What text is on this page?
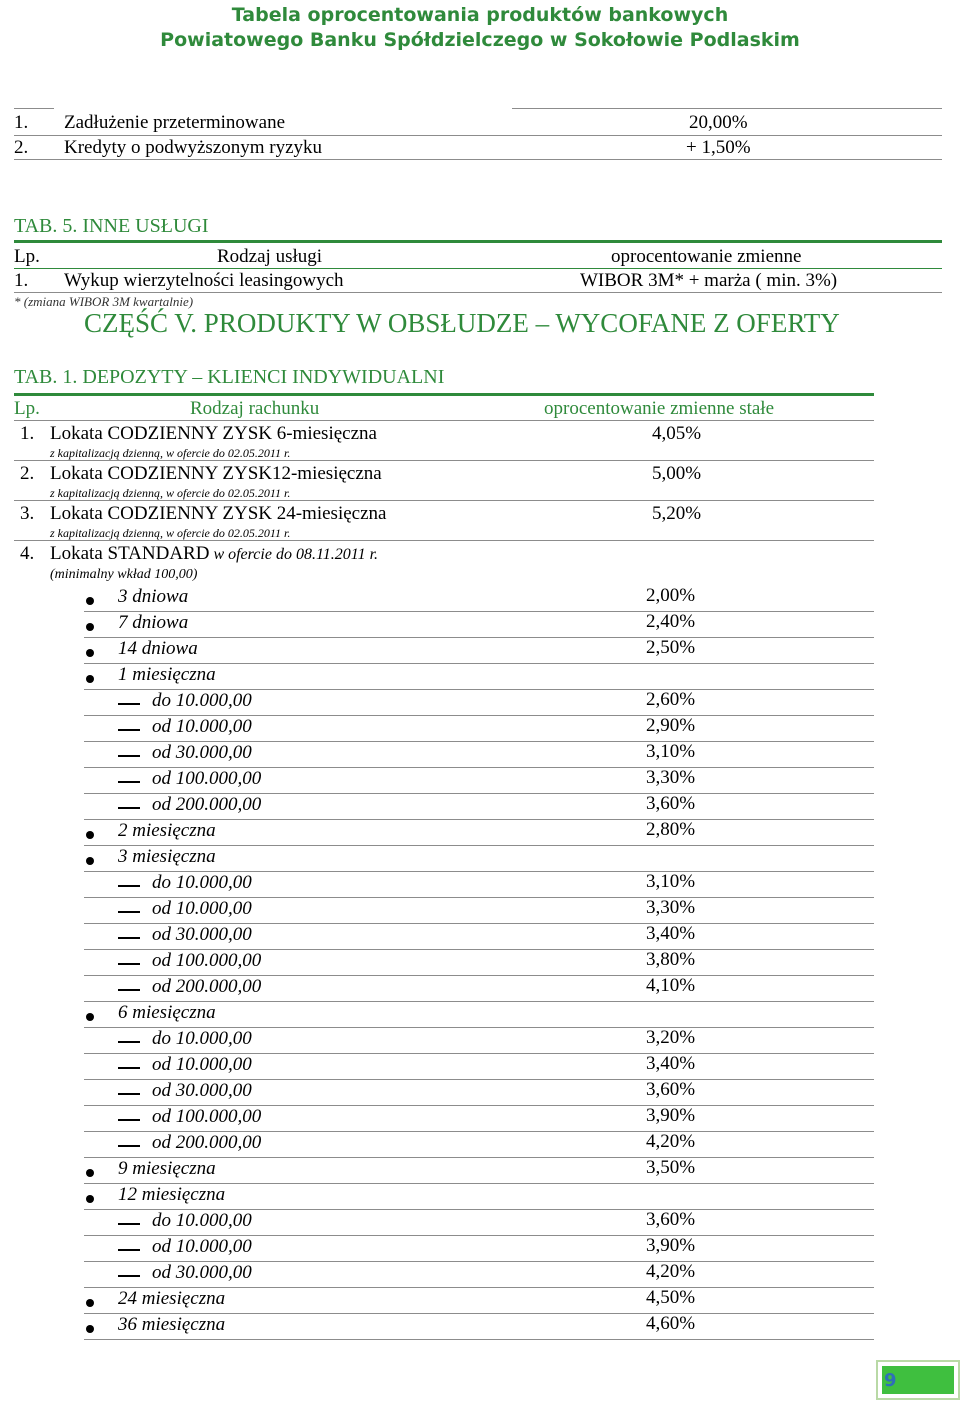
Tabela oprocentowania produktów bankowych
Powiatowego Banku Spółdzielczego w Sokołowie Podlaskim
1. Zadłużenie przeterminowane	20,00%
2. Kredyty o podwyższonym ryzyku	+ 1,50%
TAB. 5. INNE USŁUGI
Lp.	Rodzaj usługi	oprocentowanie zmienne
1. Wykup wierzytelności leasingowych	WIBOR 3M* + marża ( min. 3%)
* (zmiana WIBOR 3M kwartalnie)
CZĘŚĆ V. PRODUKTY W OBSŁUDZE – WYCOFANE Z OFERTY
TAB. 1. DEPOZYTY – KLIENCI INDYWIDUALNI
Lp.	Rodzaj rachunku	oprocentowanie zmienne stałe
1. Lokata CODZIENNY ZYSK 6-miesięczna	4,05%
z kapitalizacją dzienną, w ofercie do 02.05.2011 r.
2. Lokata CODZIENNY ZYSK12-miesięczna	5,00%
z kapitalizacją dzienną, w ofercie do 02.05.2011 r.
3. Lokata CODZIENNY ZYSK 24-miesięczna	5,20%
z kapitalizacją dzienną, w ofercie do 02.05.2011 r.
4. Lokata STANDARD w ofercie do 08.11.2011 r.
(minimalny wkład 100,00)
3 dniowa	2,00%
7 dniowa	2,40%
14 dniowa	2,50%
1 miesięczna
do 10.000,00	2,60%
od 10.000,00	2,90%
od 30.000,00	3,10%
od 100.000,00	3,30%
od 200.000,00	3,60%
2 miesięczna	2,80%
3 miesięczna
do 10.000,00	3,10%
od 10.000,00	3,30%
od 30.000,00	3,40%
od 100.000,00	3,80%
od 200.000,00	4,10%
6 miesięczna
do 10.000,00	3,20%
od 10.000,00	3,40%
od 30.000,00	3,60%
od 100.000,00	3,90%
od 200.000,00	4,20%
9 miesięczna	3,50%
12 miesięczna
do 10.000,00	3,60%
od 10.000,00	3,90%
od 30.000,00	4,20%
24 miesięczna	4,50%
36 miesięczna	4,60%
9
